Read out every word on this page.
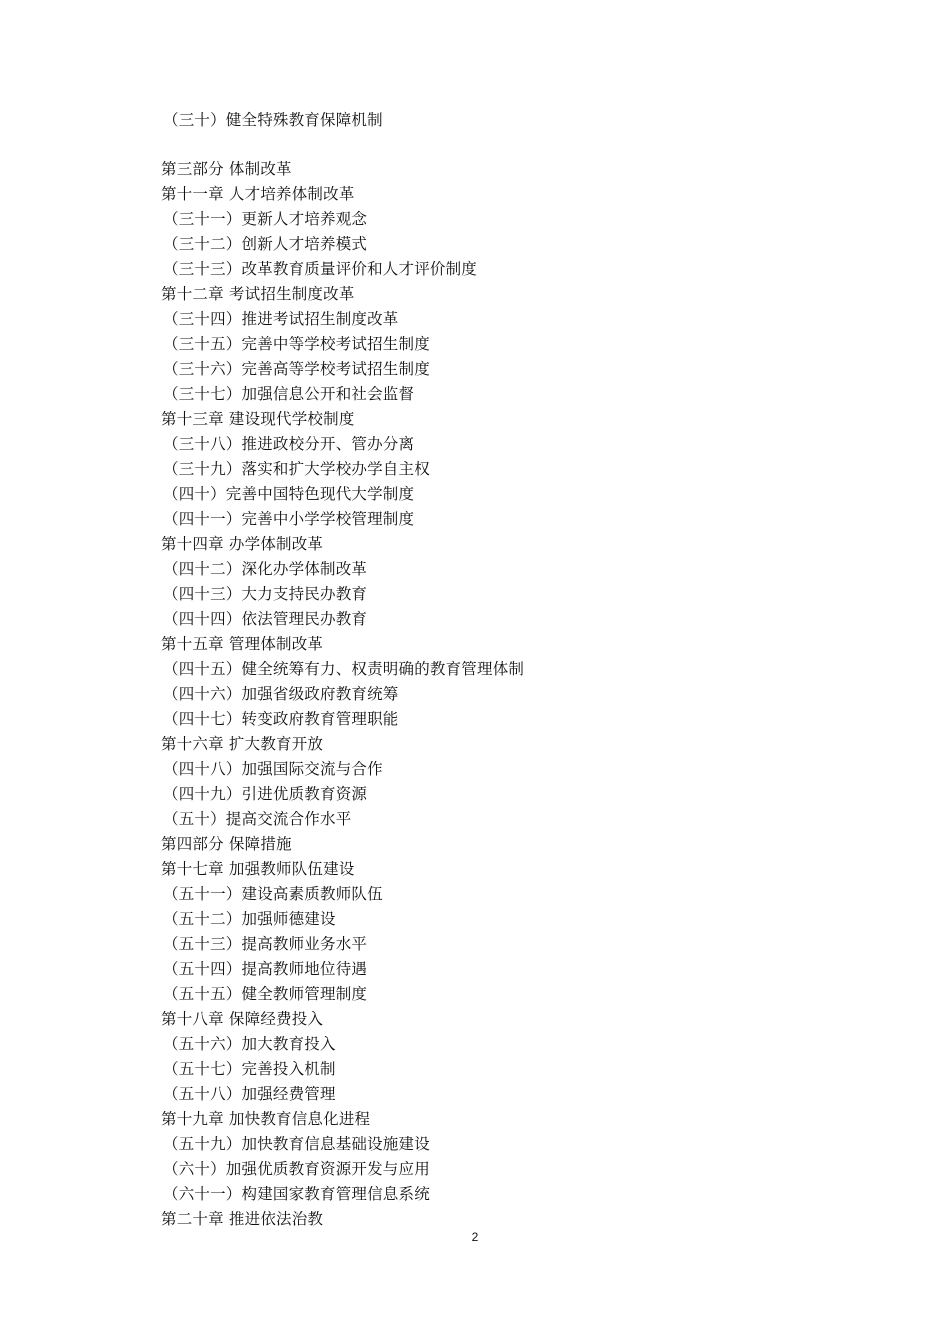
（三十）健全特殊教育保障机制
第三部分 体制改革
第十一章 人才培养体制改革
（三十一）更新人才培养观念
（三十二）创新人才培养模式
（三十三）改革教育质量评价和人才评价制度
第十二章 考试招生制度改革
（三十四）推进考试招生制度改革
（三十五）完善中等学校考试招生制度
（三十六）完善高等学校考试招生制度
（三十七）加强信息公开和社会监督
第十三章 建设现代学校制度
（三十八）推进政校分开、管办分离
（三十九）落实和扩大学校办学自主权
（四十）完善中国特色现代大学制度
（四十一）完善中小学学校管理制度
第十四章 办学体制改革
（四十二）深化办学体制改革
（四十三）大力支持民办教育
（四十四）依法管理民办教育
第十五章 管理体制改革
（四十五）健全统筹有力、权责明确的教育管理体制
（四十六）加强省级政府教育统筹
（四十七）转变政府教育管理职能
第十六章 扩大教育开放
（四十八）加强国际交流与合作
（四十九）引进优质教育资源
（五十）提高交流合作水平
第四部分 保障措施
第十七章 加强教师队伍建设
（五十一）建设高素质教师队伍
（五十二）加强师德建设
（五十三）提高教师业务水平
（五十四）提高教师地位待遇
（五十五）健全教师管理制度
第十八章 保障经费投入
（五十六）加大教育投入
（五十七）完善投入机制
（五十八）加强经费管理
第十九章 加快教育信息化进程
（五十九）加快教育信息基础设施建设
（六十）加强优质教育资源开发与应用
（六十一）构建国家教育管理信息系统
第二十章 推进依法治教
2
